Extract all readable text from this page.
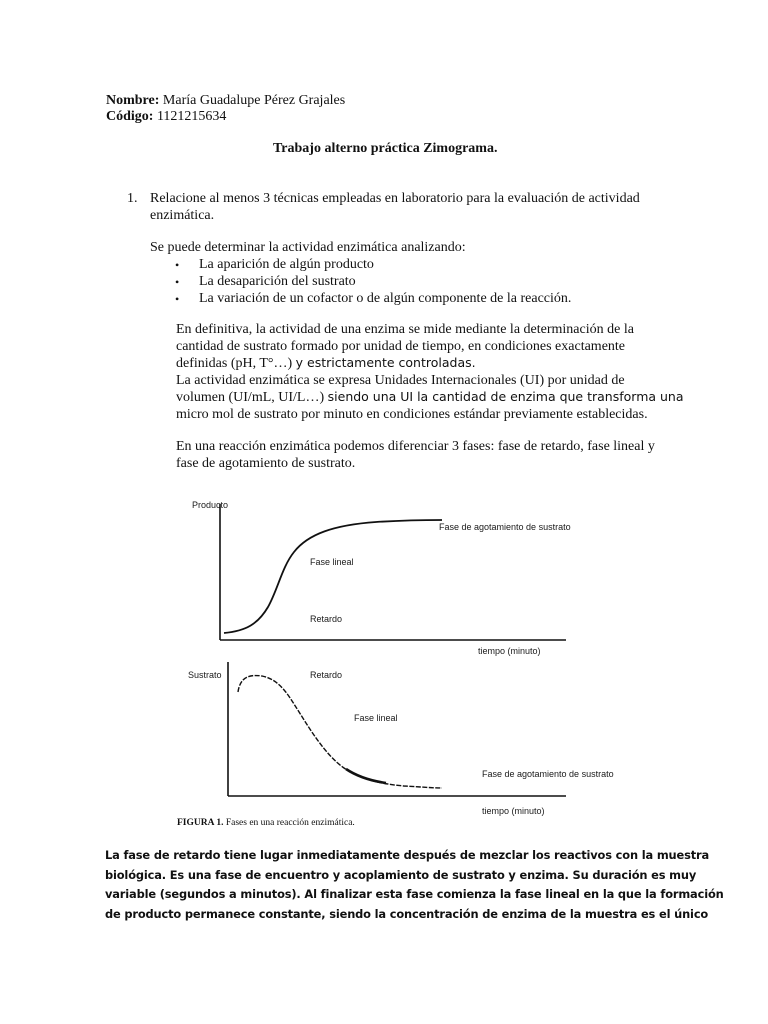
Nombre: María Guadalupe Pérez Grajales
Código: 1121215634
Trabajo alterno práctica Zimograma.
1. Relacione al menos 3 técnicas empleadas en laboratorio para la evaluación de actividad
enzimática.
Se puede determinar la actividad enzimática analizando:
• La aparición de algún producto
• La desaparición del sustrato
• La variación de un cofactor o de algún componente de la reacción.
En definitiva, la actividad de una enzima se mide mediante la determinación de la
cantidad de sustrato formado por unidad de tiempo, en condiciones exactamente
definidas (pH, T°…) y estrictamente controladas.
La actividad enzimática se expresa Unidades Internacionales (UI) por unidad de
volumen (UI/mL, UI/L…) siendo una UI la cantidad de enzima que transforma una
micro mol de sustrato por minuto en condiciones estándar previamente establecidas.
En una reacción enzimática podemos diferenciar 3 fases: fase de retardo, fase lineal y
fase de agotamiento de sustrato.
Producto
Fase de agotamiento de sustrato
Fase lineal
Retardo
tiempo (minuto)
Sustrato	Retardo
Fase lineal
Fase de agotamiento de sustrato
tiempo (minuto)
FIGURA 1. Fases en una reacción enzimática.
La fase de retardo tiene lugar inmediatamente después de mezclar los reactivos con la muestra
biológica. Es una fase de encuentro y acoplamiento de sustrato y enzima. Su duración es muy
variable (segundos a minutos). Al finalizar esta fase comienza la fase lineal en la que la formación
de producto permanece constante, siendo la concentración de enzima de la muestra es el único
